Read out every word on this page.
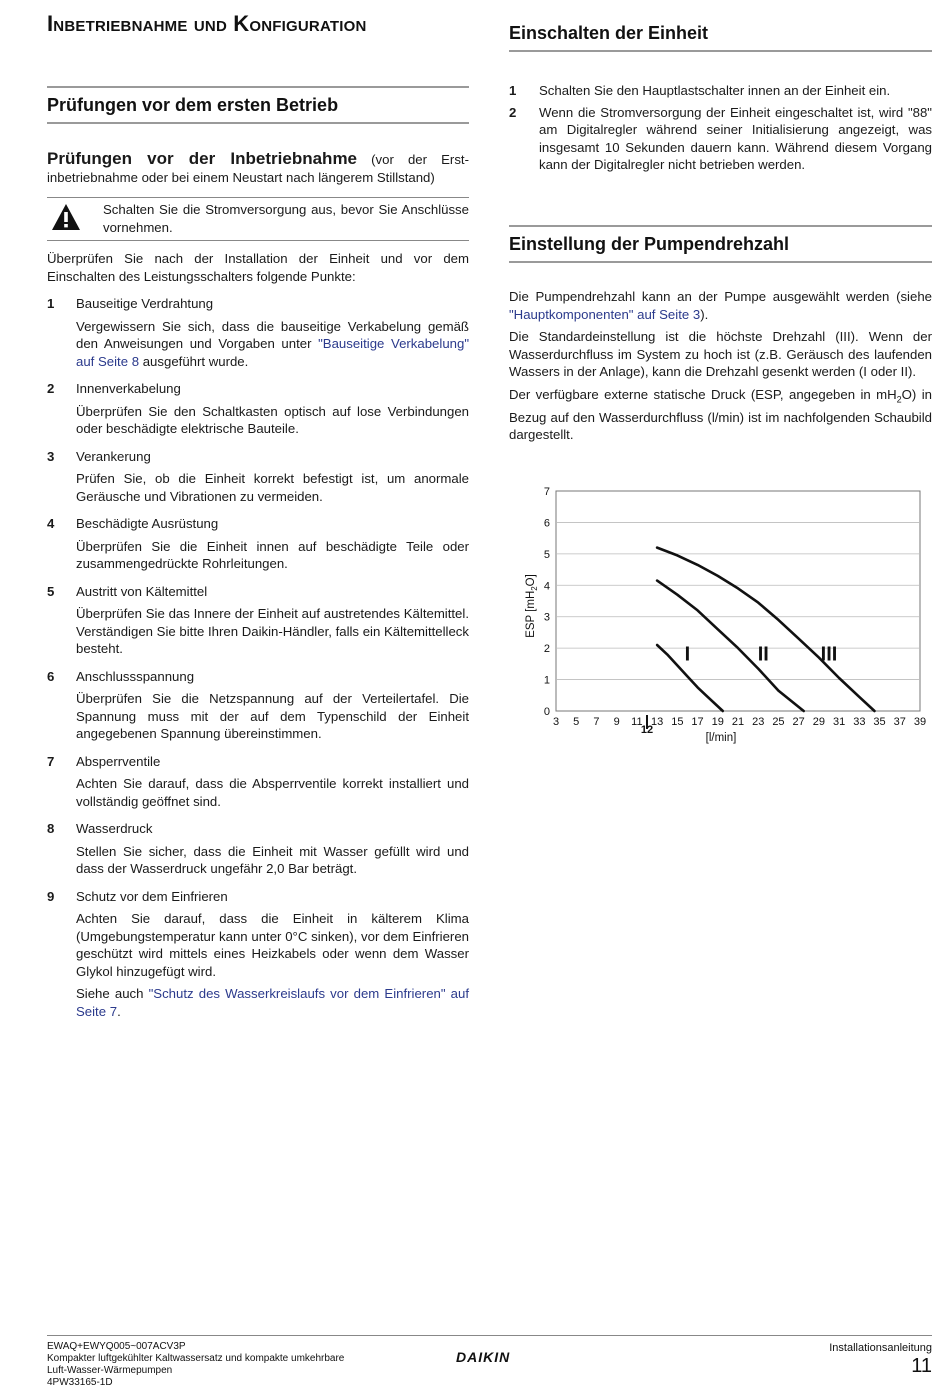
Inbetriebnahme und Konfiguration
Prüfungen vor dem ersten Betrieb
Prüfungen vor der Inbetriebnahme (vor der Erstinbetriebnahme oder bei einem Neustart nach längerem Stillstand)

Schalten Sie die Stromversorgung aus, bevor Sie Anschlüsse vornehmen.

Überprüfen Sie nach der Installation der Einheit und vor dem Einschalten des Leistungsschalters folgende Punkte:

1	Bauseitige Verdrahtung

Vergewissern Sie sich, dass die bauseitige Verkabelung gemäß den Anweisungen und Vorgaben unter "Bauseitige Verkabelung" auf Seite 8 ausgeführt wurde.

2	Innenverkabelung

Überprüfen Sie den Schaltkasten optisch auf lose Verbindungen oder beschädigte elektrische Bauteile.

3	Verankerung

Prüfen Sie, ob die Einheit korrekt befestigt ist, um anormale Geräusche und Vibrationen zu vermeiden.

4	Beschädigte Ausrüstung

Überprüfen Sie die Einheit innen auf beschädigte Teile oder zusammengedrückte Rohrleitungen.

5	Austritt von Kältemittel

Überprüfen Sie das Innere der Einheit auf austretendes Kältemittel. Verständigen Sie bitte Ihren Daikin-Händler, falls ein Kältemittelleck besteht.

6	Anschlussspannung

Überprüfen Sie die Netzspannung auf der Verteilertafel. Die Spannung muss mit der auf dem Typenschild der Einheit angegebenen Spannung übereinstimmen.

7	Absperrventile

Achten Sie darauf, dass die Absperrventile korrekt installiert und vollständig geöffnet sind.

8	Wasserdruck

Stellen Sie sicher, dass die Einheit mit Wasser gefüllt wird und dass der Wasserdruck ungefähr 2,0 Bar beträgt.

9	Schutz vor dem Einfrieren

Achten Sie darauf, dass die Einheit in kälterem Klima (Umgebungstemperatur kann unter 0°C sinken), vor dem Einfrieren geschützt wird mittels eines Heizkabels oder wenn dem Wasser Glykol hinzugefügt wird.

Siehe auch "Schutz des Wasserkreislaufs vor dem Einfrieren" auf Seite 7.

Einschalten der Einheit
1 Schalten Sie den Hauptlastschalter innen an der Einheit ein.

2 Wenn die Stromversorgung der Einheit eingeschaltet ist, wird "88" am Digitalregler während seiner Initialisierung angezeigt, was insgesamt 10 Sekunden dauern kann. Während diesem Vorgang kann der Digitalregler nicht betrieben werden.

Einstellung der Pumpendrehzahl

Die Pumpendrehzahl kann an der Pumpe ausgewählt werden (siehe "Hauptkomponenten" auf Seite 3).

Die Standardeinstellung ist die höchste Drehzahl (III). Wenn der Wasserdurchfluss im System zu hoch ist (z.B. Geräusch des laufenden Wassers in der Anlage), kann die Drehzahl gesenkt werden (I oder II).

Der verfügbare externe statische Druck (ESP, angegeben in $mH_2O$) in Bezug auf den Wasserdurchfluss (l/min) ist im nachfolgenden Schaubild dargestellt.

0
1
2
3
4
5
6
7
3 5 7 9 11 13 15 17 19 21 23 25 27 29 31 33 35 37 39
I	II	III
12
ESP $[mH_2O]$
[l/min]
EWAQ+EWYQ005~007ACV3P
Kompakter luftgekühlter Kaltwassersatz und kompakte umkehrbare
Luft-Wasser-Wärmepumpen
4PW33165-1D
DAIKIN
Installationsanleitung
11
